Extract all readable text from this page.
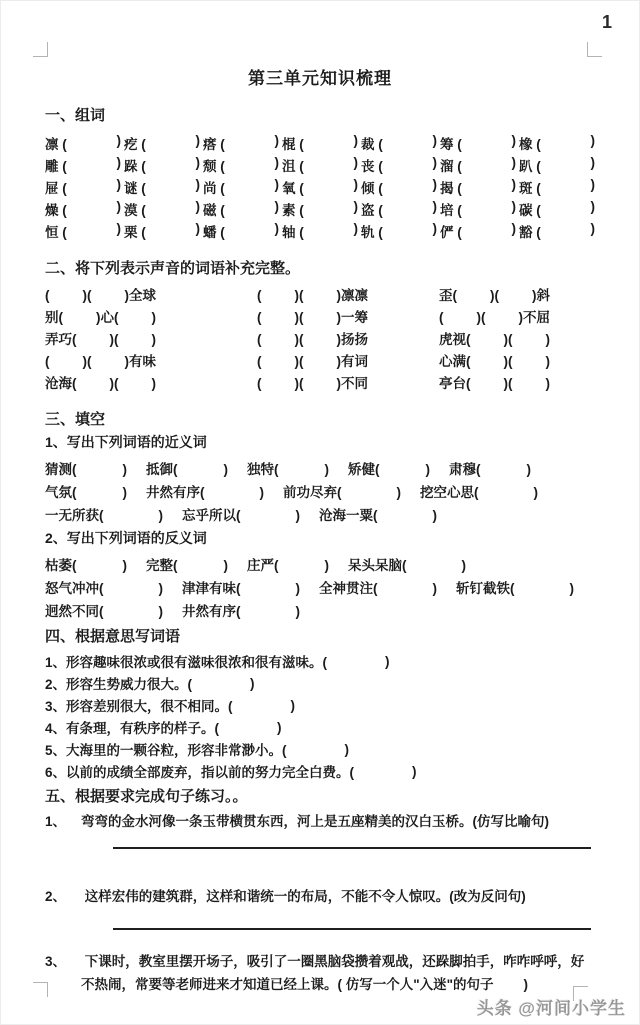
1
第三单元知识梳理
一、组词
凛 (	) 疙 (	) 瘩 (	) 棍 (	) 裁 (	) 筹 (	) 橡 (	)
雕 (	) 跺 (	) 颓 (	) 沮 (	) 丧 (	) 溜 (	) 趴 (	)
屉 (	) 谜 (	) 尚 (	) 氧 (	) 倾 (	) 揭 (	) 斑 (	)
燥 (	) 漠 (	) 磁 (	) 素 (	) 盗 (	) 培 (	) 碳 (	)
恒 (	) 栗 (	) 蟠 (	) 轴 (	) 轨 (	) 俨 (	) 豁 (	)
二、将下列表示声音的词语补充完整。
( )( )全球	( )( )凛凛	歪( )( )斜
别( )心( )	( )( )一筹	( )( )不屈
弄巧( )( )	( )( )扬扬	虎视( )( )
( )( )有味	( )( )有词	心满( )( )
沧海( )( )	( )( )不同	亭台( )( )
三、填空
1、写出下列词语的近义词
猜测(	) 抵御(	) 独特(	) 矫健(	) 肃穆(	)
气氛(	) 井然有序(	) 前功尽弃(	) 挖空心思(	)
一无所获(	) 忘乎所以(	) 沧海一粟(	)
2、写出下列词语的反义词
枯萎(	) 完整(	) 庄严(	) 呆头呆脑(	)
怒气冲冲(	) 津津有味(	) 全神贯注(	) 斩钉截铁(	)
迥然不同(	) 井然有序(	)
四、根据意思写词语
1、形容趣味很浓或很有滋味很浓和很有滋味。(	)
2、形容生势威力很大。(	)
3、形容差别很大，很不相同。(	)
4、有条理，有秩序的样子。(	)
5、大海里的一颗谷粒，形容非常渺小。(	)
6、以前的成绩全部废弃，指以前的努力完全白费。(	)
五、根据要求完成句子练习。。
1、	弯弯的金水河像一条玉带横贯东西，河上是五座精美的汉白玉桥。(仿写比喻句)
2、	这样宏伟的建筑群，这样和谐统一的布局，不能不令人惊叹。(改为反问句)
3、	下课时，教室里摆开场子，吸引了一圈黑脑袋攒着观战，还跺脚拍手，咋咋呼呼，好不热闹，常要等老师进来才知道已经上课。( 仿写一个人"入迷"的句子        )
头条 @河间小学生
